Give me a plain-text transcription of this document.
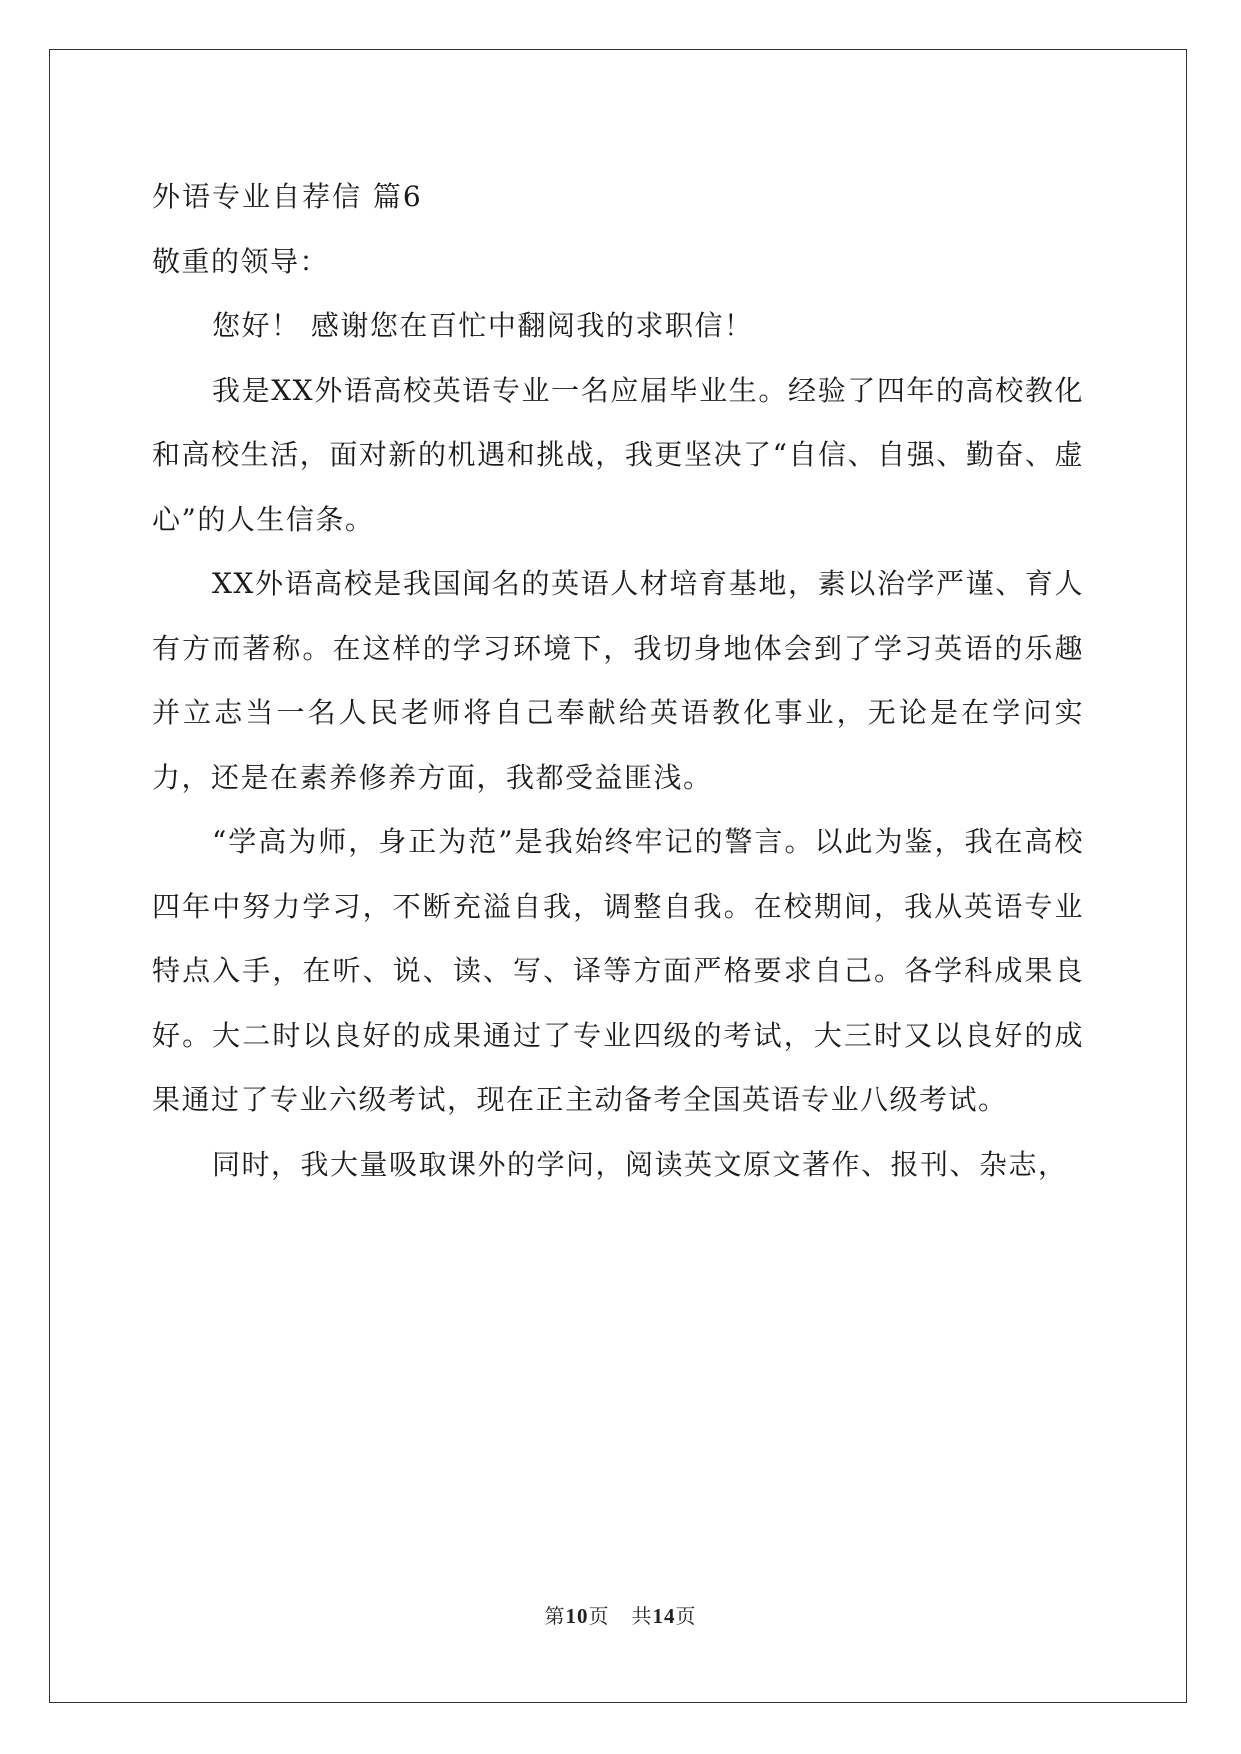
外语专业自荐信 篇6

敬重的领导：

您好！ 感谢您在百忙中翻阅我的求职信！

我是XX外语高校英语专业一名应届毕业生。经验了四年的高校教化和高校生活，面对新的机遇和挑战，我更坚决了“自信、自强、勤奋、虚心”的人生信条。

XX外语高校是我国闻名的英语人材培育基地，素以治学严谨、育人有方而著称。在这样的学习环境下，我切身地体会到了学习英语的乐趣并立志当一名人民老师将自己奉献给英语教化事业，无论是在学问实力，还是在素养修养方面，我都受益匪浅。

“学高为师，身正为范”是我始终牢记的警言。以此为鉴，我在高校四年中努力学习，不断充溢自我，调整自我。在校期间，我从英语专业特点入手，在听、说、读、写、译等方面严格要求自己。各学科成果良好。大二时以良好的成果通过了专业四级的考试，大三时又以良好的成果通过了专业六级考试，现在正主动备考全国英语专业八级考试。

同时，我大量吸取课外的学问，阅读英文原文著作、报刊、杂志，

第10页 共14页
